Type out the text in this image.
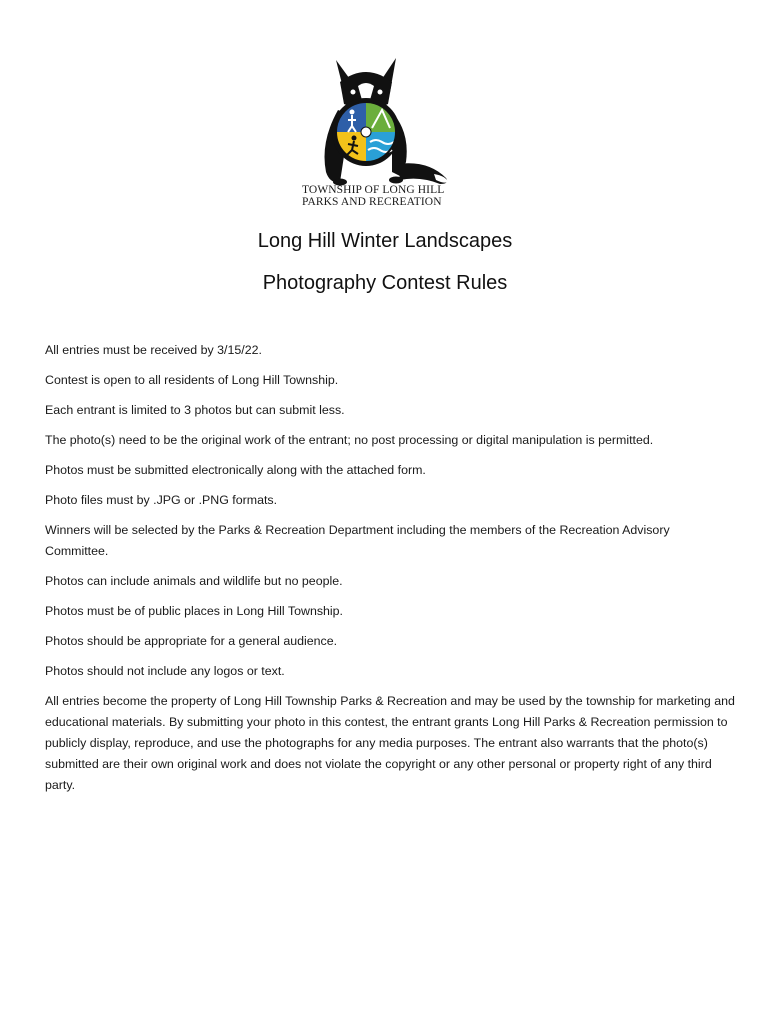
TOWNSHIP OF LONG HILL
PARKS AND RECREATION
Long Hill Winter Landscapes
Photography Contest Rules

All entries must be received by 3/15/22.

Contest is open to all residents of Long Hill Township.

Each entrant is limited to 3 photos but can submit less.

The photo(s) need to be the original work of the entrant; no post processing or digital manipulation is permitted.

Photos must be submitted electronically along with the attached form.

Photo files must by .JPG or .PNG formats.

Winners will be selected by the Parks & Recreation Department including the members of the Recreation Advisory Committee.

Photos can include animals and wildlife but no people.

Photos must be of public places in Long Hill Township.

Photos should be appropriate for a general audience.

Photos should not include any logos or text.

All entries become the property of Long Hill Township Parks & Recreation and may be used by the township for marketing and educational materials. By submitting your photo in this contest, the entrant grants Long Hill Parks & Recreation permission to publicly display, reproduce, and use the photographs for any media purposes. The entrant also warrants that the photo(s) submitted are their own original work and does not violate the copyright or any other personal or property right of any third party.
